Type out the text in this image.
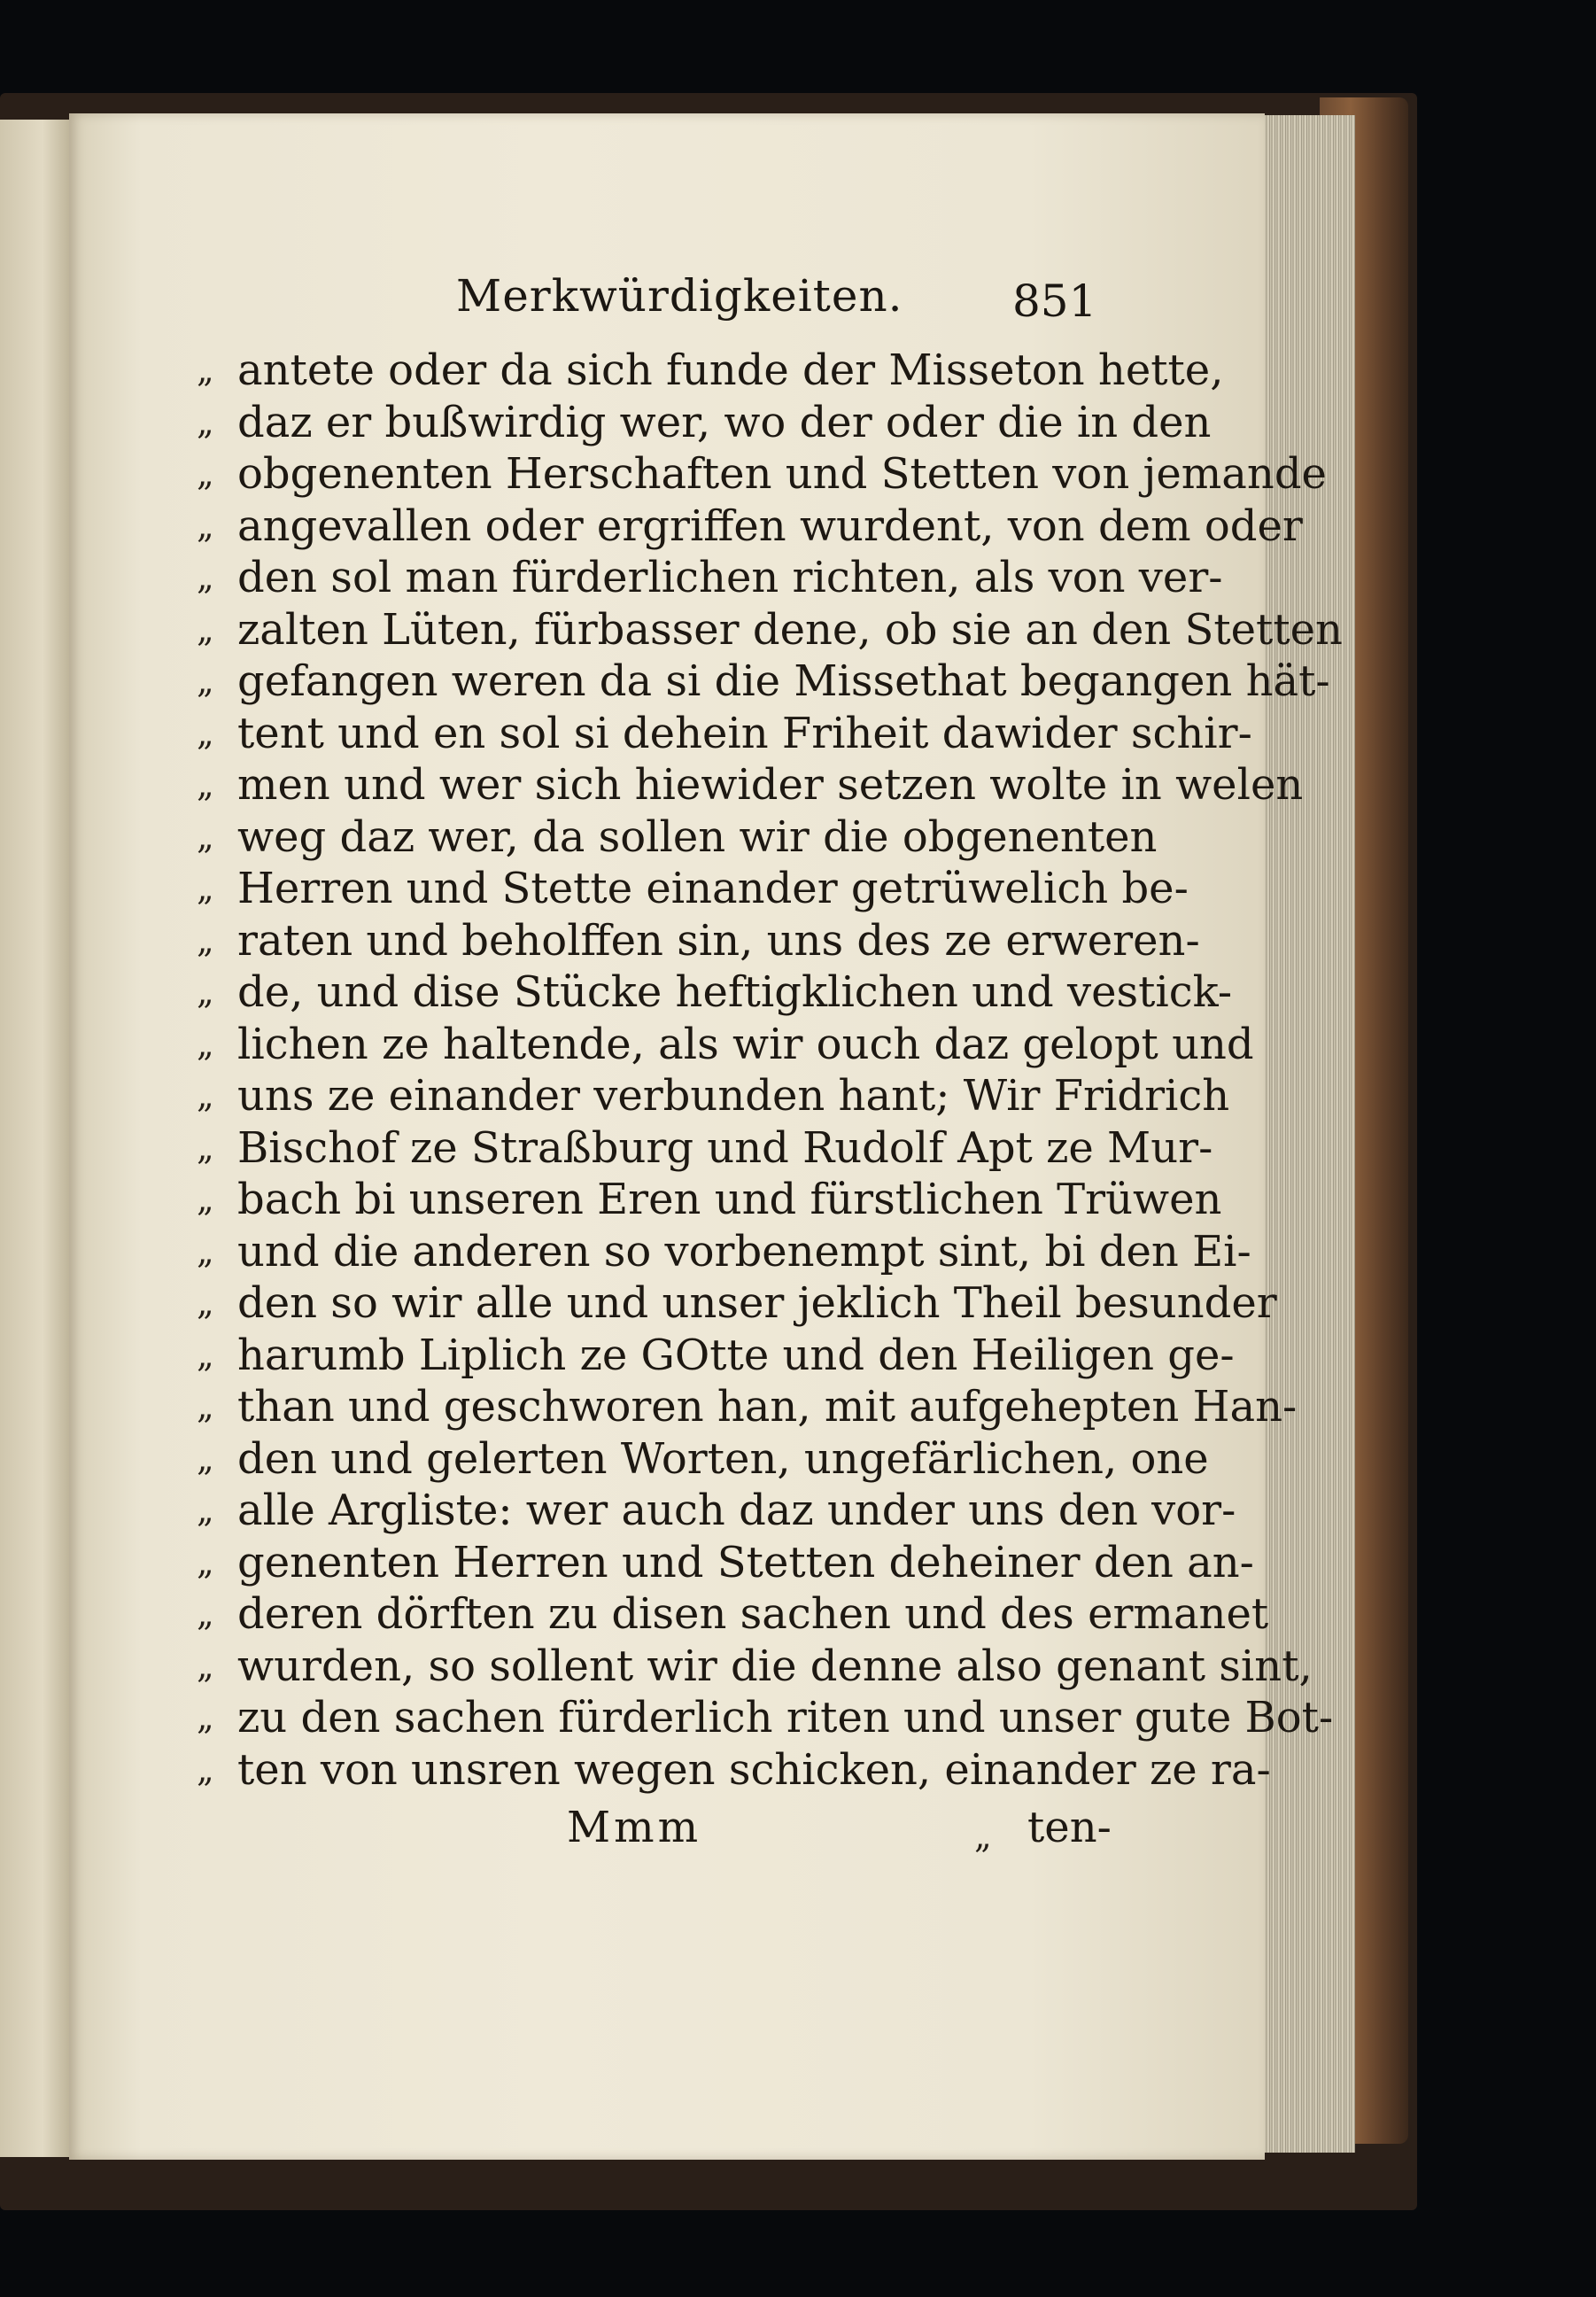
Merkwürdigkeiten. 851
„ antete oder da sich funde der Misseton hette,
„ daz er bußwirdig wer, wo der oder die in den
„ obgenenten Herschaften und Stetten von jemande
„ angevallen oder ergriffen wurdent, von dem oder
„ den sol man fürderlichen richten, als von ver-
„ zalten Lüten, fürbasser dene, ob sie an den Stetten
„ gefangen weren da si die Missethat begangen hät-
„ tent und en sol si dehein Friheit dawider schir-
„ men und wer sich hiewider setzen wolte in welen
„ weg daz wer, da sollen wir die obgenenten
„ Herren und Stette einander getrüwelich be-
„ raten und beholffen sin, uns des ze erweren-
„ de, und dise Stücke heftigklichen und vestick-
„ lichen ze haltende, als wir ouch daz gelopt und
„ uns ze einander verbunden hant; Wir Fridrich
„ Bischof ze Straßburg und Rudolf Apt ze Mur-
„ bach bi unseren Eren und fürstlichen Trüwen
„ und die anderen so vorbenempt sint, bi den Ei-
„ den so wir alle und unser jeklich Theil besunder
„ harumb Liplich ze GOtte und den Heiligen ge-
„ than und geschworen han, mit aufgehepten Han-
„ den und gelerten Worten, ungefärlichen, one
„ alle Argliste: wer auch daz under uns den vor-
„ genenten Herren und Stetten deheiner den an-
„ deren dörften zu disen sachen und des ermanet
„ wurden, so sollent wir die denne also genant sint,
„ zu den sachen fürderlich riten und unser gute Bot-
„ ten von unsren wegen schicken, einander ze ra-
Mmm	„ ten-
